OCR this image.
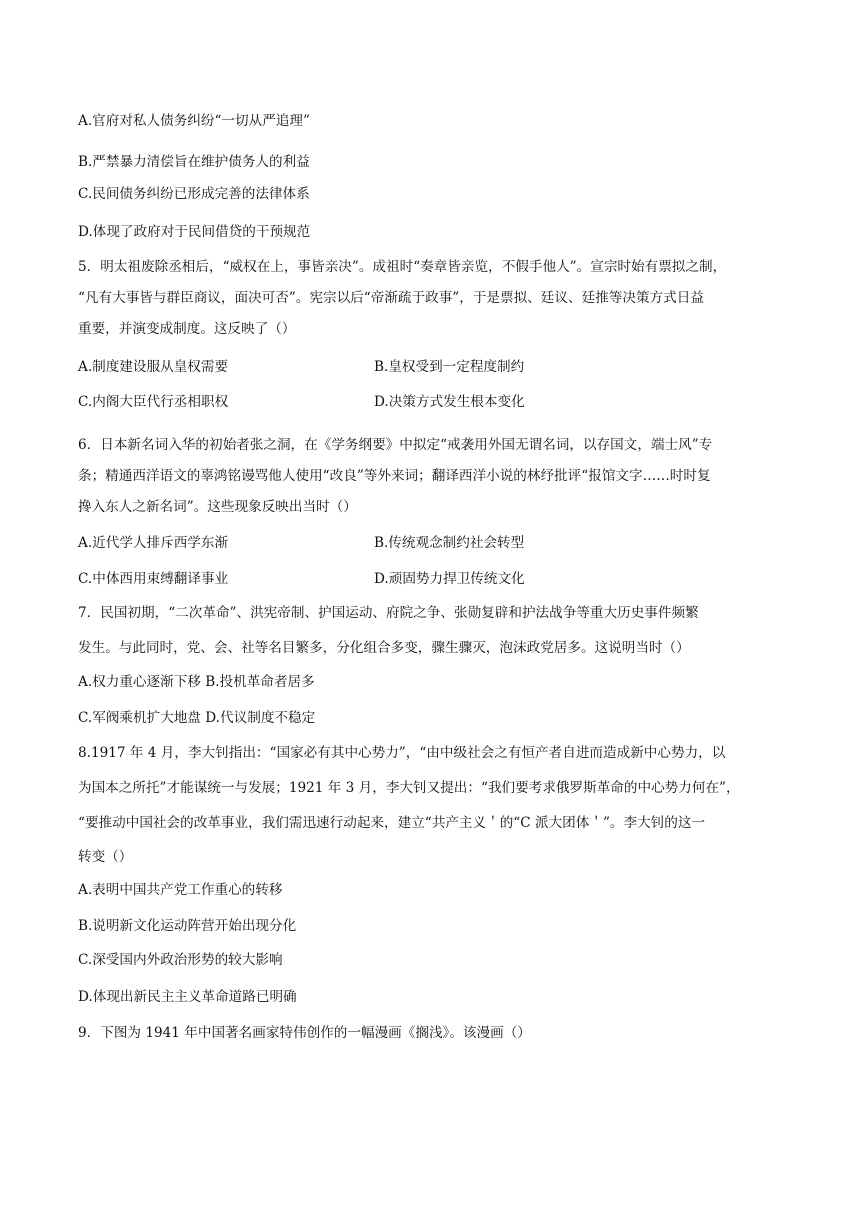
A.官府对私人债务纠纷“一切从严追理”

B.严禁暴力清偿旨在维护债务人的利益

C.民间债务纠纷已形成完善的法律体系

D.体现了政府对于民间借贷的干预规范

5．明太祖废除丞相后，“威权在上，事皆亲决”。成祖时“奏章皆亲览，不假手他人”。宣宗时始有票拟之制，

“凡有大事皆与群臣商议，面决可否”。宪宗以后“帝渐疏于政事”，于是票拟、廷议、廷推等决策方式日益

重要，并演变成制度。这反映了（）

A.制度建设服从皇权需要	B.皇权受到一定程度制约

C.内阁大臣代行丞相职权	D.决策方式发生根本变化

6．日本新名词入华的初始者张之洞，在《学务纲要》中拟定“戒袭用外国无谓名词，以存国文，端士风”专

条；精通西洋语文的辜鸿铭谩骂他人使用“改良”等外来词；翻译西洋小说的林纾批评“报馆文字……时时复

搀入东人之新名词”。这些现象反映出当时（）

A.近代学人排斥西学东渐	B.传统观念制约社会转型

C.中体西用束缚翻译事业	D.顽固势力捍卫传统文化

7．民国初期，“二次革命”、洪宪帝制、护国运动、府院之争、张勋复辟和护法战争等重大历史事件频繁

发生。与此同时，党、会、社等名目繁多，分化组合多变，骤生骤灭，泡沫政党居多。这说明当时（）

A.权力重心逐渐下移 B.投机革命者居多

C.军阀乘机扩大地盘 D.代议制度不稳定

8.1917 年 4 月，李大钊指出：“国家必有其中心势力”，“由中级社会之有恒产者自进而造成新中心势力，以

为国本之所托”才能谋统一与发展；1921 年 3 月，李大钊又提出：“我们要考求俄罗斯革命的中心势力何在”，

“要推动中国社会的改革事业，我们需迅速行动起来，建立“共产主义＇的“C 派大团体＇”。李大钊的这一

转变（）

A.表明中国共产党工作重心的转移

B.说明新文化运动阵营开始出现分化

C.深受国内外政治形势的较大影响

D.体现出新民主主义革命道路已明确

9．下图为 1941 年中国著名画家特伟创作的一幅漫画《搁浅》。该漫画（）
